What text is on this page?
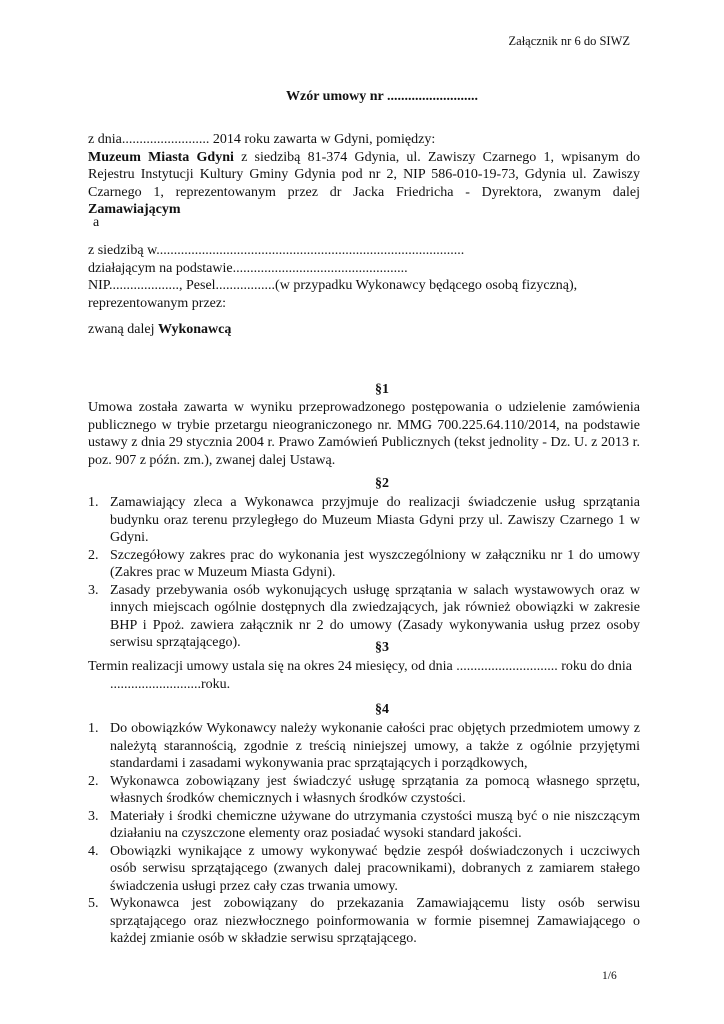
Załącznik nr 6 do SIWZ
Wzór umowy nr ..........................
z dnia......................... 2014 roku zawarta w Gdyni, pomiędzy:
Muzeum Miasta Gdyni z siedzibą 81-374 Gdynia, ul. Zawiszy Czarnego 1, wpisanym do Rejestru Instytucji Kultury Gminy Gdynia pod nr 2, NIP 586-010-19-73, Gdynia ul. Zawiszy Czarnego 1, reprezentowanym przez dr Jacka Friedricha - Dyrektora, zwanym dalej Zamawiającym
a
z siedzibą w........................................................................................
działającym na podstawie..................................................
NIP...................., Pesel.................(w przypadku Wykonawcy będącego osobą fizyczną),
reprezentowanym przez:
zwaną dalej Wykonawcą
§1
Umowa została zawarta w wyniku przeprowadzonego postępowania o udzielenie zamówienia publicznego w trybie przetargu nieograniczonego nr. MMG 700.225.64.110/2014, na podstawie ustawy z dnia 29 stycznia 2004 r. Prawo Zamówień Publicznych (tekst jednolity - Dz. U. z 2013 r. poz. 907 z późn. zm.), zwanej dalej Ustawą.
§2
1. Zamawiający zleca a Wykonawca przyjmuje do realizacji świadczenie usług sprzątania budynku oraz terenu przyległego do Muzeum Miasta Gdyni przy ul. Zawiszy Czarnego 1 w Gdyni.
2. Szczegółowy zakres prac do wykonania jest wyszczególniony w załączniku nr 1 do umowy (Zakres prac w Muzeum Miasta Gdyni).
3. Zasady przebywania osób wykonujących usługę sprzątania w salach wystawowych oraz w innych miejscach ogólnie dostępnych dla zwiedzających, jak również obowiązki w zakresie BHP i Ppoż. zawiera załącznik nr 2 do umowy (Zasady wykonywania usług przez osoby serwisu sprzątającego).	§3
Termin realizacji umowy ustala się na okres 24 miesięcy, od dnia ............................. roku do dnia
..........................roku.
§4
1. Do obowiązków Wykonawcy należy wykonanie całości prac objętych przedmiotem umowy z należytą starannością, zgodnie z treścią niniejszej umowy, a także z ogólnie przyjętymi standardami i zasadami wykonywania prac sprzątających i porządkowych,
2. Wykonawca zobowiązany jest świadczyć usługę sprzątania za pomocą własnego sprzętu, własnych środków chemicznych i własnych środków czystości.
3. Materiały i środki chemiczne używane do utrzymania czystości muszą być o nie niszczącym działaniu na czyszczone elementy oraz posiadać wysoki standard jakości.
4. Obowiązki wynikające z umowy wykonywać będzie zespół doświadczonych i uczciwych osób serwisu sprzątającego (zwanych dalej pracownikami), dobranych z zamiarem stałego świadczenia usługi przez cały czas trwania umowy.
5. Wykonawca jest zobowiązany do przekazania Zamawiającemu listy osób serwisu sprzątającego oraz niezwłocznego poinformowania w formie pisemnej Zamawiającego o każdej zmianie osób w składzie serwisu sprzątającego.
1/6
